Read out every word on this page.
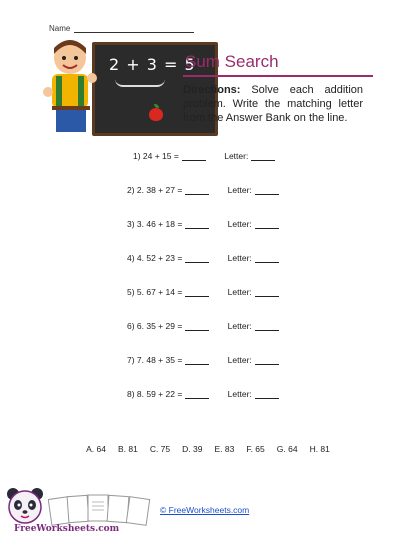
Name
2 + 3 = 5
Sum Search
Directions: Solve each addition problem. Write the matching letter from the Answer Bank on the line.
1) 24 + 15 =	Letter:
2) 2. 38 + 27 =	Letter:
3) 3. 46 + 18 =	Letter:
4) 4. 52 + 23 =	Letter:
5) 5. 67 + 14 =	Letter:
6) 6. 35 + 29 =	Letter:
7) 7. 48 + 35 =	Letter:
8) 8. 59 + 22 =	Letter:
A. 64 B. 81 C. 75 D. 39 E. 83 F. 65 G. 64 H. 81
FreeWorksheets.com
© FreeWorksheets.com
